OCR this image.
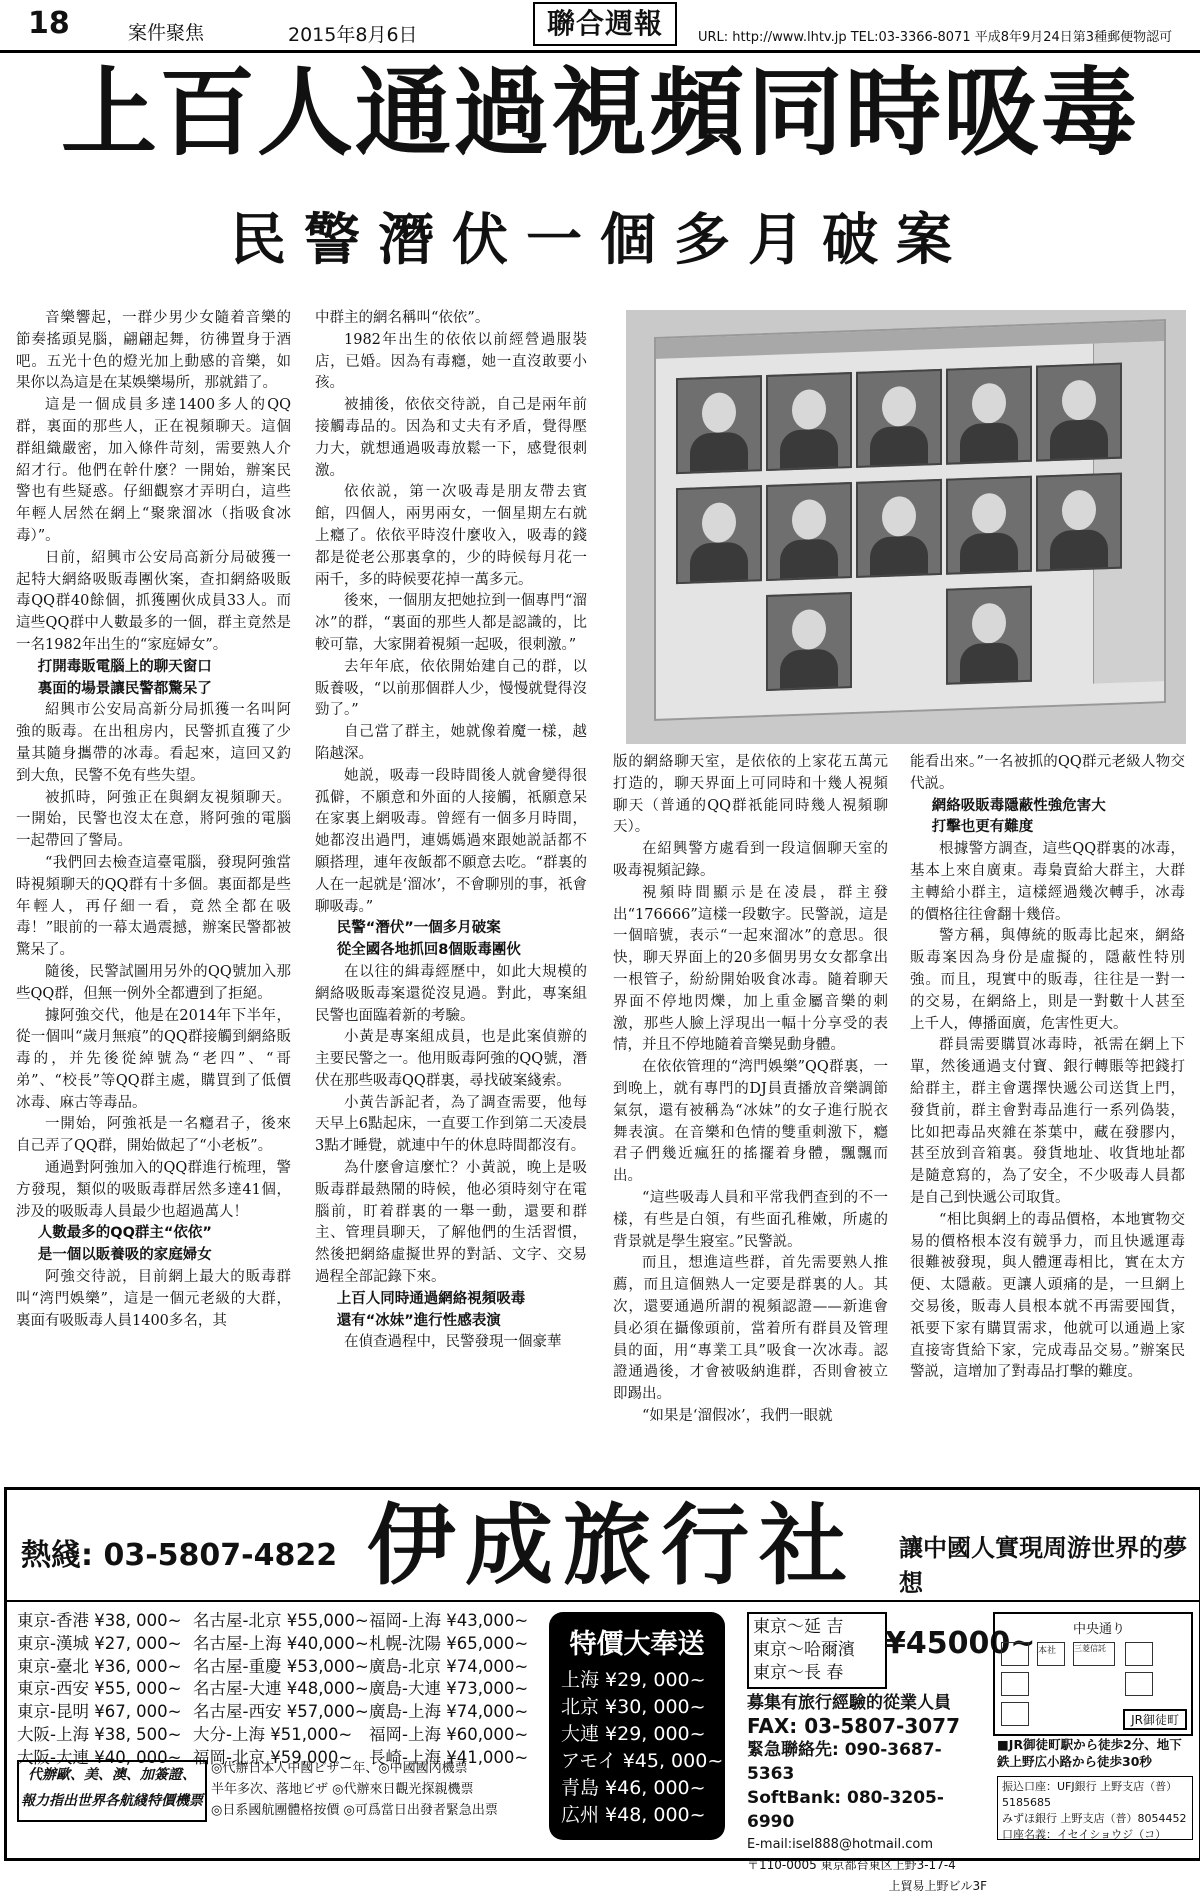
18	案件聚焦	2015年8月6日	聯合週報	URL: http://www.lhtv.jp TEL:03-3366-8071 平成8年9月24日第3種郵便物認可
上百人通過視頻同時吸毒
民警潛伏一個多月破案

音樂響起，一群少男少女隨着音樂的節奏搖頭晃腦，翩翩起舞，彷彿置身于酒吧。五光十色的燈光加上動感的音樂，如果你以為這是在某娛樂場所，那就錯了。

這是一個成員多達1400多人的QQ群，裏面的那些人，正在視頻聊天。這個群組織嚴密，加入條件苛刻，需要熟人介紹才行。他們在幹什麼？一開始，辦案民警也有些疑惑。仔細觀察才弄明白，這些年輕人居然在網上“聚衆溜冰（指吸食冰毒）”。

日前，紹興市公安局高新分局破獲一起特大網絡吸販毒團伙案，查扣網絡吸販毒QQ群40餘個，抓獲團伙成員33人。而這些QQ群中人數最多的一個，群主竟然是一名1982年出生的“家庭婦女”。

打開毒販電腦上的聊天窗口

裏面的場景讓民警都驚呆了

紹興市公安局高新分局抓獲一名叫阿強的販毒。在出租房内，民警抓直獲了少量其隨身攜帶的冰毒。看起來，這回又釣到大魚，民警不免有些失望。

被抓時，阿強正在與網友視頻聊天。一開始，民警也沒太在意，將阿強的電腦一起帶回了警局。

“我們回去檢查這臺電腦，發現阿強當時視頻聊天的QQ群有十多個。裏面都是些年輕人，再仔細一看，竟然全都在吸毒！”眼前的一幕太過震撼，辦案民警都被驚呆了。

隨後，民警試圖用另外的QQ號加入那些QQ群，但無一例外全都遭到了拒絕。

據阿強交代，他是在2014年下半年，從一個叫“歲月無痕”的QQ群接觸到網絡販毒的，并先後從綽號為“老四”、“哥弟”、“校長”等QQ群主處，購買到了低價冰毒、麻古等毒品。

一開始，阿強祇是一名癮君子，後來自己弄了QQ群，開始做起了“小老板”。

通過對阿強加入的QQ群進行梳理，警方發現，類似的吸販毒群居然多達41個，涉及的吸販毒人員最少也超過萬人！

人數最多的QQ群主“依依”

是一個以販養吸的家庭婦女

阿強交待説，目前網上最大的販毒群叫“湾門娛樂”，這是一個元老級的大群，裏面有吸販毒人員1400多名，其

中群主的網名稱叫“依依”。

1982年出生的依依以前經營過服裝店，已婚。因為有毒癮，她一直沒敢要小孩。

被捕後，依依交待説，自己是兩年前接觸毒品的。因為和丈夫有矛盾，覺得壓力大，就想通過吸毒放鬆一下，感覺很刺激。

依依説，第一次吸毒是朋友帶去賓館，四個人，兩男兩女，一個星期左右就上癮了。依依平時沒什麼收入，吸毒的錢都是從老公那裏拿的，少的時候每月花一兩千，多的時候要花掉一萬多元。

後來，一個朋友把她拉到一個專門“溜冰”的群，“裏面的那些人都是認識的，比較可靠，大家開着視頻一起吸，很刺激。”

去年年底，依依開始建自己的群，以販養吸，“以前那個群人少，慢慢就覺得沒勁了。”

自己當了群主，她就像着魔一樣，越陷越深。

她説，吸毒一段時間後人就會變得很孤僻，不願意和外面的人接觸，祇願意呆在家裏上網吸毒。曾經有一個多月時間，她都沒出過門，連媽媽過來跟她説話都不願搭理，連年夜飯都不願意去吃。“群裏的人在一起就是‘溜冰’，不會聊別的事，祇會聊吸毒。”

民警“潛伏”一個多月破案

從全國各地抓回8個販毒團伙

在以往的緝毒經歷中，如此大規模的網絡吸販毒案還從沒見過。對此，專案組民警也面臨着新的考驗。

小黃是專案組成員，也是此案偵辦的主要民警之一。他用販毒阿強的QQ號，潛伏在那些吸毒QQ群裏，尋找破案綫索。

小黃告訴記者，為了調查需要，他每天早上6點起床，一直要工作到第二天凌晨3點才睡覺，就連中午的休息時間都沒有。

為什麽會這麼忙？小黃説，晚上是吸販毒群最熱鬧的時候，他必須時刻守在電腦前，盯着群裏的一舉一動，還要和群主、管理員聊天，了解他們的生活習慣，然後把網絡虛擬世界的對話、文字、交易過程全部記錄下來。

上百人同時通過網絡視頻吸毒

還有“冰妹”進行性感表演

在偵查過程中，民警發現一個豪華

版的網絡聊天室，是依依的上家花五萬元打造的，聊天界面上可同時和十幾人視頻聊天（普通的QQ群祇能同時幾人視頻聊天）。

在紹興警方處看到一段這個聊天室的吸毒視頻記錄。

視頻時間顯示是在凌晨，群主發出“176666”這樣一段數字。民警説，這是一個暗號，表示“一起來溜冰”的意思。很快，聊天界面上的20多個男男女女都拿出一根管子，紛紛開始吸食冰毒。隨着聊天界面不停地閃爍，加上重金屬音樂的刺激，那些人臉上浮現出一幅十分享受的表情，并且不停地隨着音樂晃動身體。

在依依管理的“湾門娛樂”QQ群裏，一到晚上，就有專門的DJ員責播放音樂調節氣氛，還有被稱為“冰妹”的女子進行脱衣舞表演。在音樂和色情的雙重刺激下，癮君子們幾近瘋狂的搖擺着身體，飄飄而出。

“這些吸毒人員和平常我們查到的不一樣，有些是白領，有些面孔稚嫩，所處的背景就是學生寢室。”民警説。

而且，想進這些群，首先需要熟人推薦，而且這個熟人一定要是群裏的人。其次，還要通過所謂的視頻認證——新進會員必須在攝像頭前，當着所有群員及管理員的面，用“專業工具”吸食一次冰毒。認證通過後，才會被吸納進群，否則會被立即踢出。

“如果是‘溜假冰’，我們一眼就

能看出來。”一名被抓的QQ群元老級人物交代説。

網絡吸販毒隱蔽性強危害大

打擊也更有難度

根據警方調查，這些QQ群裏的冰毒，基本上來自廣東。毒梟賣給大群主，大群主轉給小群主，這樣經過幾次轉手，冰毒的價格往往會翻十幾倍。

警方稱，與傳統的販毒比起來，網絡販毒案因為身份是虛擬的，隱蔽性特別強。而且，現實中的販毒，往往是一對一的交易，在網絡上，則是一對數十人甚至上千人，傳播面廣，危害性更大。

群員需要購買冰毒時，祇需在網上下單，然後通過支付寶、銀行轉賬等把錢打給群主，群主會選擇快遞公司送貨上門，發貨前，群主會對毒品進行一系列偽裝，比如把毒品夾雜在茶葉中，藏在發膠内，甚至放到音箱裏。發貨地址、收貨地址都是隨意寫的，為了安全，不少吸毒人員都是自己到快遞公司取貨。

“相比與網上的毒品價格，本地實物交易的價格根本沒有競爭力，而且快遞運毒很難被發現，與人體運毒相比，實在太方便、太隱蔽。更讓人頭痛的是，一旦網上交易後，販毒人員根本就不再需要囤貨，祇要下家有購買需求，他就可以通過上家直接寄貨給下家，完成毒品交易。”辦案民警説，這增加了對毒品打擊的難度。

熱綫: 03-5807-4822 伊成旅行社 讓中國人實現周游世界的夢想
東京-香港 ¥38, 000~ 名古屋-北京 ¥55,000~ 福岡-上海 ¥43,000~
東京-漢城 ¥27, 000~ 名古屋-上海 ¥40,000~ 札幌-沈陽 ¥65,000~
東京-臺北 ¥36, 000~ 名古屋-重慶 ¥53,000~ 廣島-北京 ¥74,000~
東京-西安 ¥55, 000~ 名古屋-大連 ¥48,000~ 廣島-大連 ¥73,000~
東京-昆明 ¥67, 000~ 名古屋-西安 ¥57,000~ 廣島-上海 ¥74,000~
大阪-上海 ¥38, 500~ 大分-上海 ¥51,000~	福岡-上海 ¥60,000~
大阪-大連 ¥40, 000~ 福岡-北京 ¥59,000~	長崎-上海 ¥41,000~
代辦歐、美、澳、加簽證、
報力指出世界各航綫特價機票
◎代辦日本人中國ビザー年、◎中國國內機票
半年多次、落地ビザ ◎代辦來日觀光探親機票
◎日系國航團體格按價 ◎可爲當日出發者緊急出票
特價大奉送
上海 ¥29, 000~
北京 ¥30, 000~
大連 ¥29, 000~
アモイ ¥45, 000~
青島 ¥46, 000~
広州 ¥48, 000~
東京〜延 吉
東京〜哈爾濱
東京〜長 春
¥45000~
募集有旅行經驗的從業人員
FAX: 03-5807-3077
緊急聯絡先: 090-3687-5363
SoftBank: 080-3205-6990
E-mail:isel888@hotmail.com
〒110-0005 東京都台東区上野3-17-4
上貿易上野ビル3F
中央通り
本社	三菱信託
JR御徒町
■JR御徒町駅から徒歩2分、地下鉄上野広小路から徒歩30秒
振込口座：UFJ銀行 上野支店（普）5185685
みずほ銀行 上野支店（普）8054452
口座名義：イセイショウジ（コ）
